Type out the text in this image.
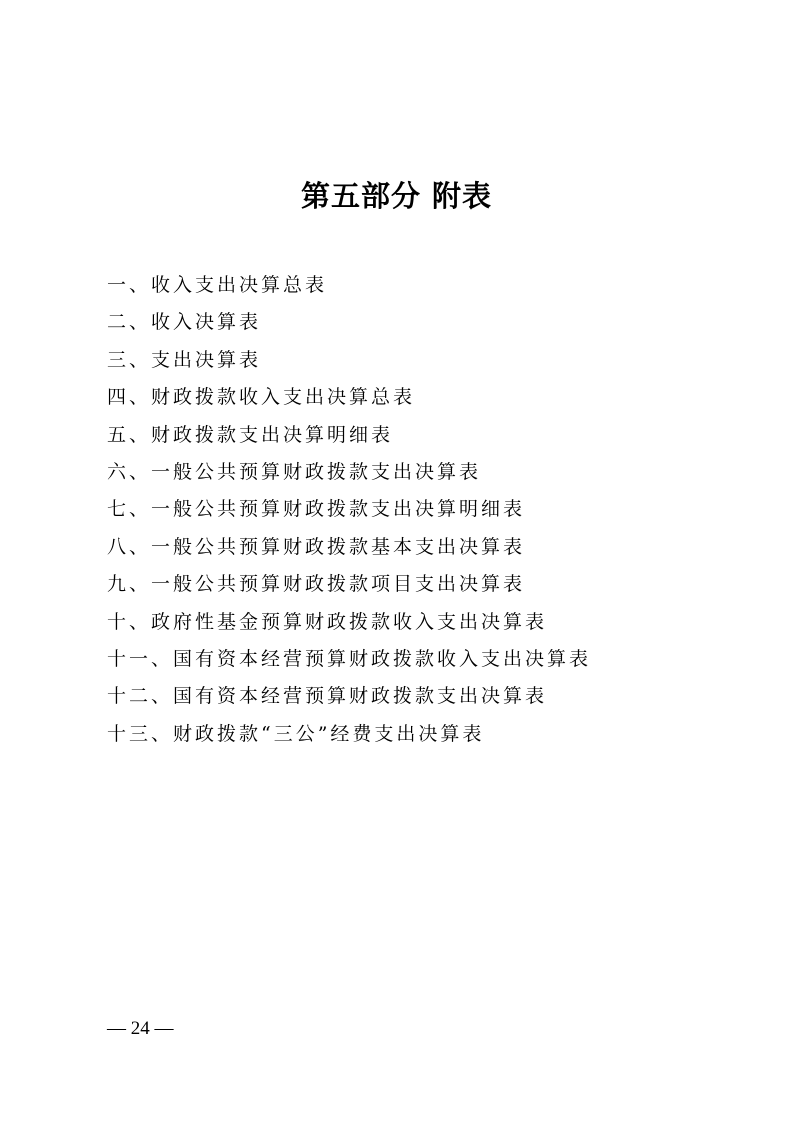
第五部分 附表
一、收入支出决算总表
二、收入决算表
三、支出决算表
四、财政拨款收入支出决算总表
五、财政拨款支出决算明细表
六、一般公共预算财政拨款支出决算表
七、一般公共预算财政拨款支出决算明细表
八、一般公共预算财政拨款基本支出决算表
九、一般公共预算财政拨款项目支出决算表
十、政府性基金预算财政拨款收入支出决算表
十一、国有资本经营预算财政拨款收入支出决算表
十二、国有资本经营预算财政拨款支出决算表
十三、财政拨款“三公”经费支出决算表
— 24 —
